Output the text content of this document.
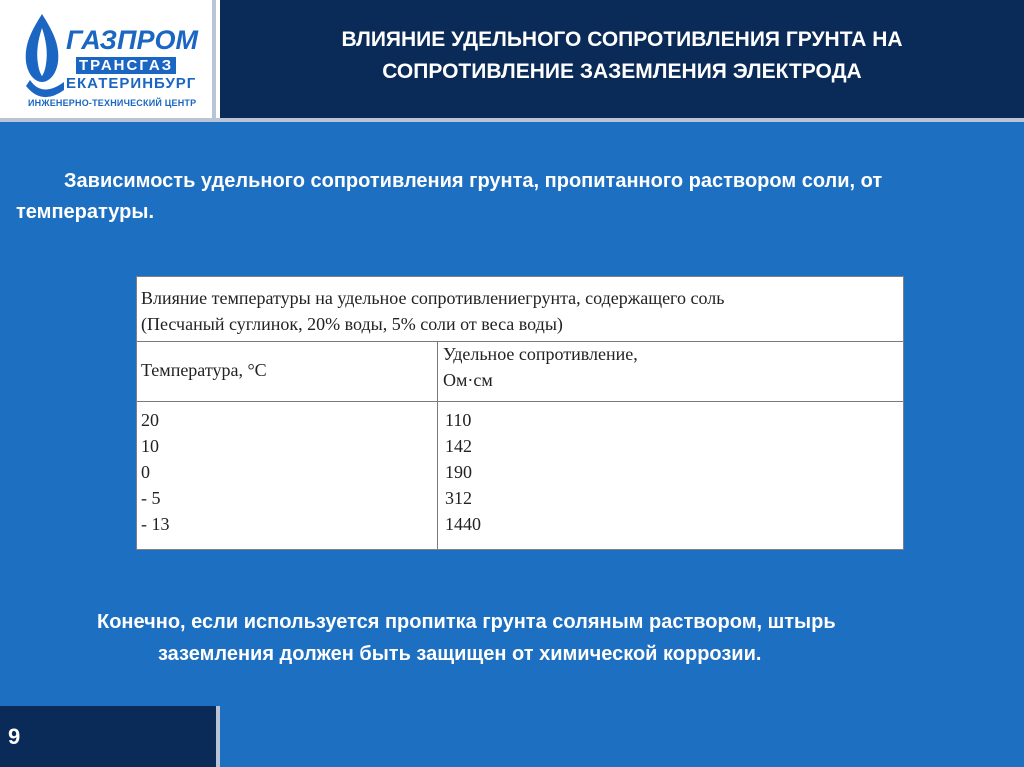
ГАЗПРОМ
ТРАНСГАЗ
ЕКАТЕРИНБУРГ
ИНЖЕНЕРНО-ТЕХНИЧЕСКИЙ ЦЕНТР
ВЛИЯНИЕ УДЕЛЬНОГО СОПРОТИВЛЕНИЯ ГРУНТА НА
СОПРОТИВЛЕНИЕ ЗАЗЕМЛЕНИЯ ЭЛЕКТРОДА
Зависимость удельного сопротивления грунта, пропитанного раствором соли, от температуры.
Влияние температуры на удельное сопротивлениегрунта, содержащего соль
(Песчаный суглинок, 20% воды, 5% соли от веса воды)
Температура, °С
Удельное сопротивление,
Ом·см
20
10
0
- 5
- 13
110
142
190
312
1440
Конечно, если используется пропитка грунта соляным раствором, штырь
заземления должен быть защищен от химической коррозии.
9
